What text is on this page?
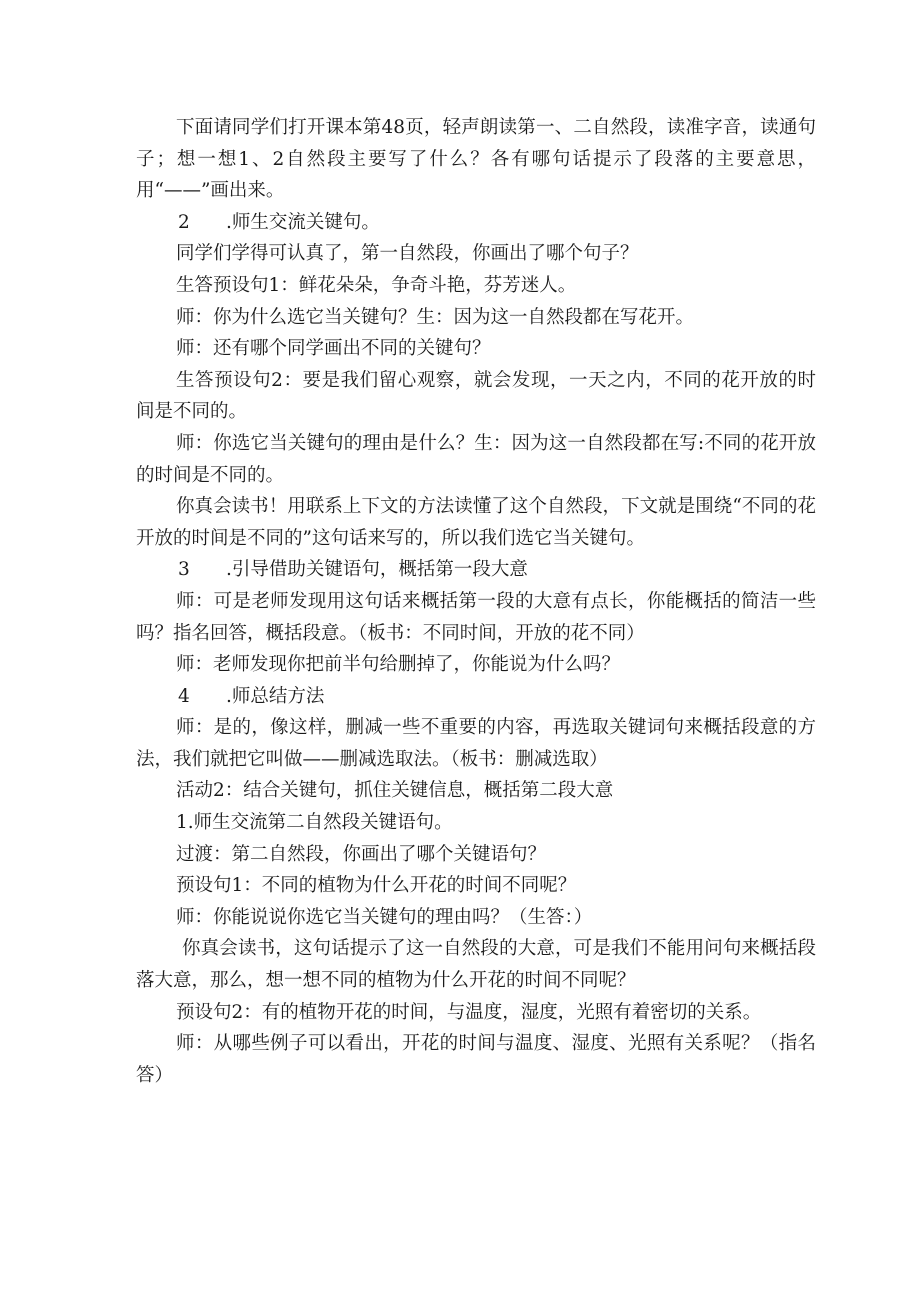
下面请同学们打开课本第48页，轻声朗读第一、二自然段，读准字音，读通句子；想一想1、2自然段主要写了什么？各有哪句话提示了段落的主要意思，用“——”画出来。

2 .师生交流关键句。

同学们学得可认真了，第一自然段，你画出了哪个句子？

生答预设句1：鲜花朵朵，争奇斗艳，芬芳迷人。

师：你为什么选它当关键句？生：因为这一自然段都在写花开。

师：还有哪个同学画出不同的关键句？

生答预设句2：要是我们留心观察，就会发现，一天之内，不同的花开放的时间是不同的。

师：你选它当关键句的理由是什么？生：因为这一自然段都在写:不同的花开放的时间是不同的。

你真会读书！用联系上下文的方法读懂了这个自然段，下文就是围绕“不同的花开放的时间是不同的”这句话来写的，所以我们选它当关键句。

3 .引导借助关键语句，概括第一段大意

师：可是老师发现用这句话来概括第一段的大意有点长，你能概括的简洁一些吗？指名回答，概括段意。（板书：不同时间，开放的花不同）

师：老师发现你把前半句给删掉了，你能说为什么吗？

4 .师总结方法

师：是的，像这样，删减一些不重要的内容，再选取关键词句来概括段意的方法，我们就把它叫做——删减选取法。（板书：删减选取）

活动2：结合关键句，抓住关键信息，概括第二段大意

1.师生交流第二自然段关键语句。

过渡：第二自然段，你画出了哪个关键语句？

预设句1：不同的植物为什么开花的时间不同呢？

师：你能说说你选它当关键句的理由吗？（生答：）

你真会读书，这句话提示了这一自然段的大意，可是我们不能用问句来概括段落大意，那么，想一想不同的植物为什么开花的时间不同呢？

预设句2：有的植物开花的时间，与温度，湿度，光照有着密切的关系。

师：从哪些例子可以看出，开花的时间与温度、湿度、光照有关系呢？（指名答）
